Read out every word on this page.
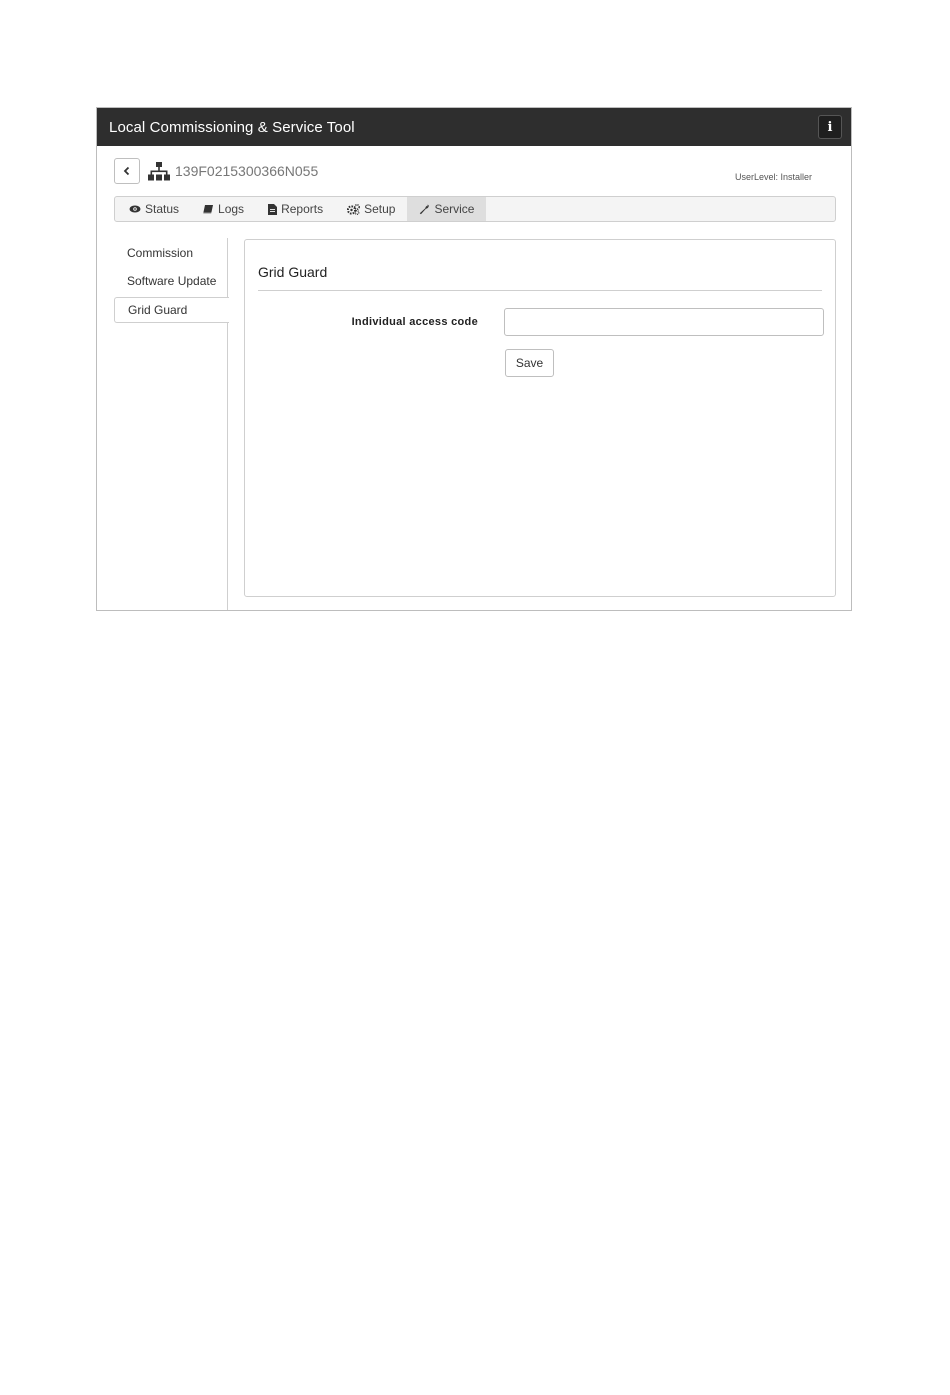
Local Commissioning & Service Tool	i
139F0215300366N055	UserLevel: Installer
Status	Logs	Reports	Setup	Service
Commission
Software Update
Grid Guard
Grid Guard
Individual access code
Save
